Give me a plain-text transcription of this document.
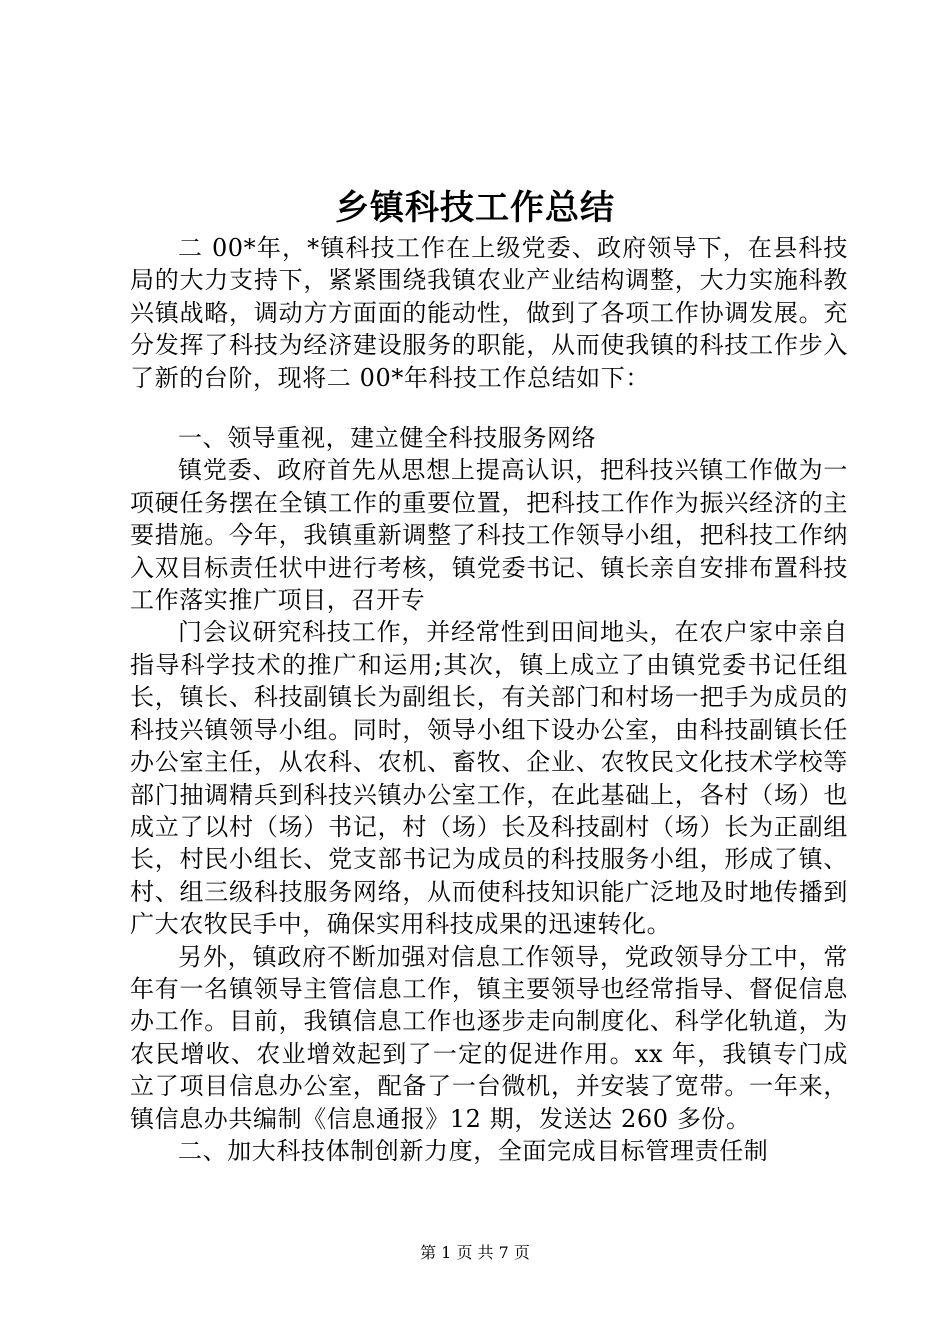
乡镇科技工作总结

二 00*年，*镇科技工作在上级党委、政府领导下，在县科技局的大力支持下，紧紧围绕我镇农业产业结构调整，大力实施科教兴镇战略，调动方方面面的能动性，做到了各项工作协调发展。充分发挥了科技为经济建设服务的职能，从而使我镇的科技工作步入了新的台阶，现将二 00*年科技工作总结如下：

一、领导重视，建立健全科技服务网络

镇党委、政府首先从思想上提高认识，把科技兴镇工作做为一项硬任务摆在全镇工作的重要位置，把科技工作作为振兴经济的主要措施。今年，我镇重新调整了科技工作领导小组，把科技工作纳入双目标责任状中进行考核，镇党委书记、镇长亲自安排布置科技工作落实推广项目，召开专

门会议研究科技工作，并经常性到田间地头，在农户家中亲自指导科学技术的推广和运用;其次，镇上成立了由镇党委书记任组长，镇长、科技副镇长为副组长，有关部门和村场一把手为成员的科技兴镇领导小组。同时，领导小组下设办公室，由科技副镇长任办公室主任，从农科、农机、畜牧、企业、农牧民文化技术学校等部门抽调精兵到科技兴镇办公室工作，在此基础上，各村（场）也成立了以村（场）书记，村（场）长及科技副村（场）长为正副组长，村民小组长、党支部书记为成员的科技服务小组，形成了镇、村、组三级科技服务网络，从而使科技知识能广泛地及时地传播到广大农牧民手中，确保实用科技成果的迅速转化。

另外，镇政府不断加强对信息工作领导，党政领导分工中，常年有一名镇领导主管信息工作，镇主要领导也经常指导、督促信息办工作。目前，我镇信息工作也逐步走向制度化、科学化轨道，为农民增收、农业增效起到了一定的促进作用。xx 年，我镇专门成立了项目信息办公室，配备了一台微机，并安装了宽带。一年来，镇信息办共编制《信息通报》12 期，发送达 260 多份。

二、加大科技体制创新力度，全面完成目标管理责任制

第 1 页 共 7 页
